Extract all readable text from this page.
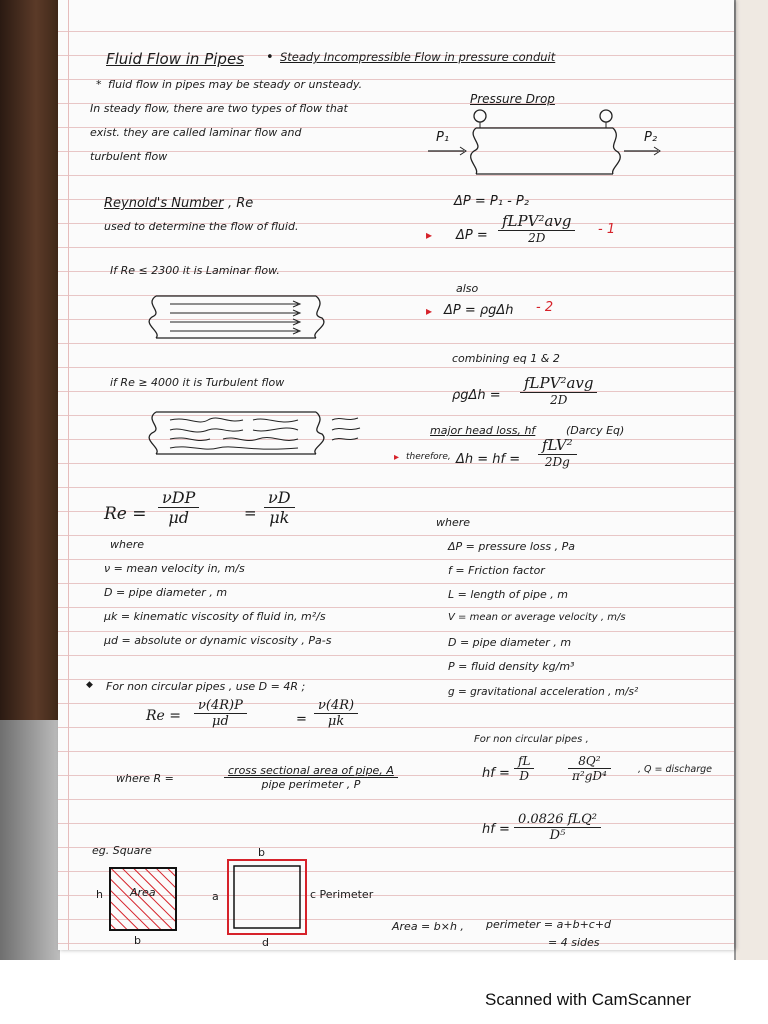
Fluid Flow in Pipes • Steady Incompressible Flow in pressure conduit
* fluid flow in pipes may be steady or unsteady.
In steady flow, there are two types of flow that
exist. they are called laminar flow and
turbulent flow
Pressure Drop
P₁	P₂
ΔP = P₁ - P₂
▸ ΔP =
fLPV²avg
2D
- 1
also
▸ ΔP = ρgΔh - 2
combining eq 1 & 2
ρgΔh =
fLPV²avg
2D
major head loss, hf	(Darcy Eq)
▸ therefore, Δh = hf =
fLV²
2Dg
Reynold's Number , Re
used to determine the flow of fluid.
If Re ≤ 2300 it is Laminar flow.
if Re ≥ 4000 it is Turbulent flow
Re =
νDP
μd	= $\frac{\nu D}{\mu k}$
where
ν = mean velocity in, m/s
D = pipe diameter , m
μk = kinematic viscosity of fluid in, m²/s
μd = absolute or dynamic viscosity , Pa-s
◆ For non circular pipes , use D = 4R ;
$Re = \frac{\nu(4R)P}{\mu d}$	= $\frac{\nu(4R)}{\mu k}$
where R =
cross sectional area of pipe, A
pipe perimeter , P
eg. Square
h Area
b
b
a	c Perimeter
d
Area = b×h , perimeter = a+b+c+d
= 4 sides
where
ΔP = pressure loss , Pa
f = Friction factor
L = length of pipe , m
V = mean or average velocity , m/s
D = pipe diameter , m
P = fluid density kg/m³
g = gravitational acceleration , m/s²
For non circular pipes ,
hf = $\frac{fL}{D}$	$\frac{\text{8Q²}}{\text{π²gD⁴}}$	, Q = discharge
hf =
0.0826 fLQ²
D⁵
Scanned with CamScanner
